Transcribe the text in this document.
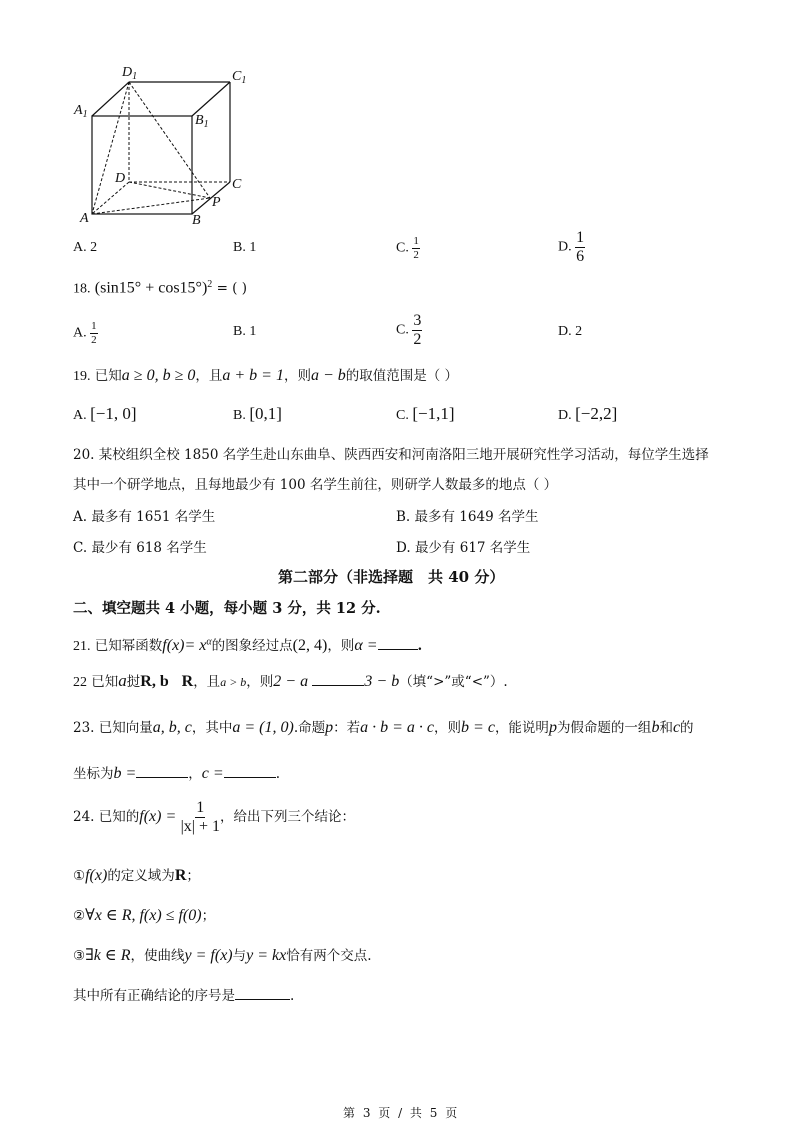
$D_1$	$C_1$
$A_1$	$B_1$
D	C
P
A	B
A. 2	B. 1	C. $\frac{1}{2}$	D. $\frac{1}{6}$
18. $(\sin 15^\circ + \cos 15^\circ)^2$ = ( )
A. $\frac{1}{2}$	B. 1	C. $\frac{3}{2}$	D. 2
19. 已知a ≥ 0, b ≥ 0，且a + b = 1，则a − b的取值范围是（ ）
A. [−1, 0]	B. [0,1]	C. [−1,1]	D. [−2,2]
20. 某校组织全校 1850 名学生赴山东曲阜、陕西西安和河南洛阳三地开展研究性学习活动，每位学生选择
其中一个研学地点，且每地最少有 100 名学生前往，则研学人数最多的地点（ ）
A. 最多有 1651 名学生	B. 最多有 1649 名学生
C. 最少有 618 名学生	D. 最少有 617 名学生
第二部分（非选择题　共 40 分）
二、填空题共 4 小题，每小题 3 分，共 12 分.
21. 已知幂函数$f(x)= x^\alpha$的图象经过点(2, 4)，则α =	.
22 已知a挝R, b R，且a > b，则2 − a	3 − b（填“>”或“<”）.
23. 已知向量a, b, c，其中a = (1, 0).命题p：若a · b = a · c，则b = c，能说明p为假命题的一组b和c的
坐标为b =	，c =	.
24. 已知的$f(x) = \frac{1}{|x| + 1}$ ，给出下列三个结论：
①f(x)的定义域为R；
②∀x ∈ R, f(x) ≤ f(0)；
③∃k ∈ R，使曲线y = f(x)与y = kx恰有两个交点.
其中所有正确结论的序号是	.
第 3 页 / 共 5 页
